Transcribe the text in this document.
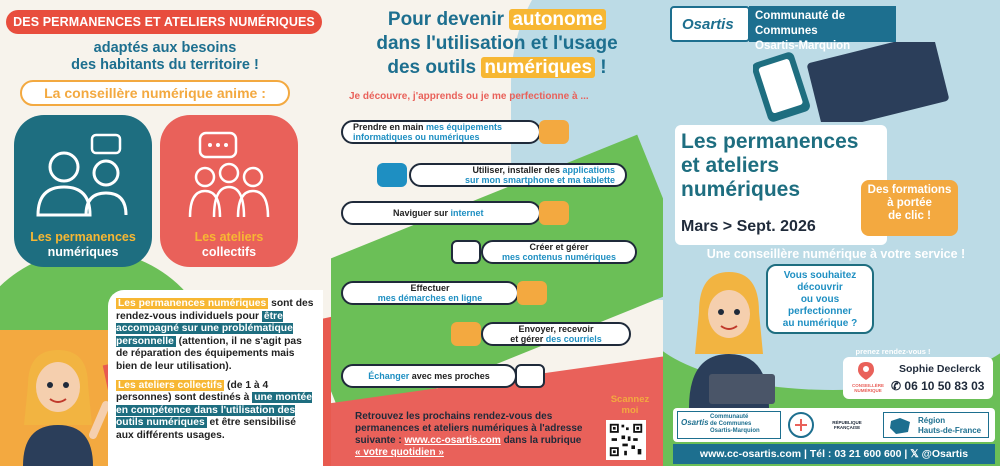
DES PERMANENCES ET ATELIERS NUMÉRIQUES
adaptés aux besoins
des habitants du territoire !
La conseillère numérique anime :
Les permanences
numériques
Les ateliers
collectifs

Les permanences numériques sont des rendez-vous individuels pour être accompagné sur une problématique personnelle (attention, il ne s'agit pas de réparation des équipements mais bien de leur utilisation).

Les ateliers collectifs (de 1 à 4 personnes) sont destinés à une montée en compétence dans l'utilisation des outils numériques et être sensibilisé aux différents usages.

Pour devenir autonome
dans l'utilisation et l'usage
des outils numériques !
Je découvre, j'apprends ou je me perfectionne à ...
Prendre en main mes équipements
informatiques ou numériques
Utiliser, installer des applications
sur mon smartphone et ma tablette
Naviguer sur internet
Créer et gérer
mes contenus numériques
Effectuer
mes démarches en ligne
Envoyer, recevoir
et gérer des courriels
Échanger avec mes proches
Retrouvez les prochains rendez-vous des permanences et ateliers numériques à l'adresse suivante : www.cc-osartis.com dans la rubrique « votre quotidien »
Scannez moi
Osartis Communauté de Communes
Osartis-Marquion
Les permanences
et ateliers
numériques
Mars > Sept. 2026
Des formations
à portée
de clic !
Une conseillère numérique à votre service !
Vous souhaitez
découvrir
ou vous
perfectionner
au numérique ?
prenez rendez-vous !
CONSEILLÈRE NUMÉRIQUE
Sophie Declerck
✆ 06 10 50 83 03
Osartis
Communauté
de Communes
Osartis-Marquion
RÉPUBLIQUE FRANÇAISE
Région
Hauts-de-France
www.cc-osartis.com | Tél : 03 21 600 600 | 𝕏 @Osartis
